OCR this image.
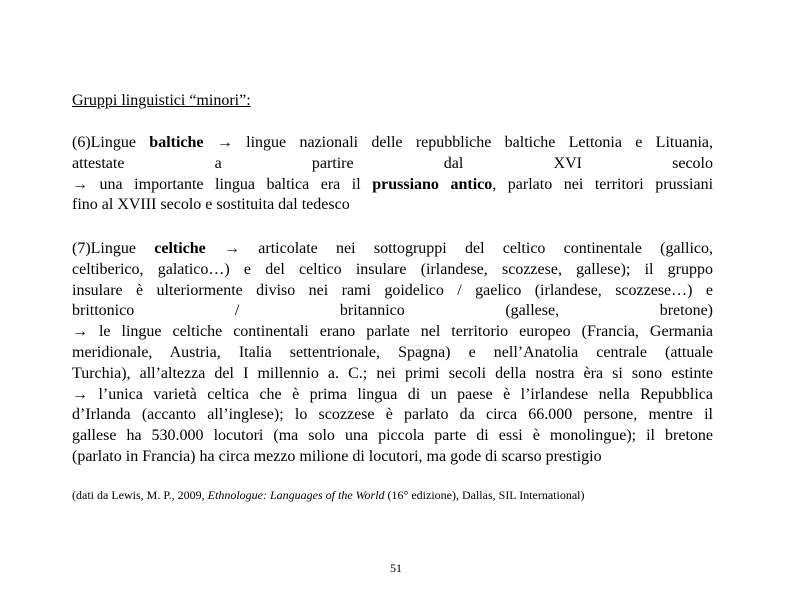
Gruppi linguistici “minori”:
(6)Lingue baltiche → lingue nazionali delle repubbliche baltiche Lettonia e Lituania,
attestate a partire dal XVI secolo
→ una importante lingua baltica era il prussiano antico, parlato nei territori prussiani
fino al XVIII secolo e sostituita dal tedesco
(7)Lingue celtiche → articolate nei sottogruppi del celtico continentale (gallico,
celtiberico, galatico…) e del celtico insulare (irlandese, scozzese, gallese); il gruppo
insulare è ulteriormente diviso nei rami goidelico / gaelico (irlandese, scozzese…) e
brittonico / britannico (gallese, bretone)
→ le lingue celtiche continentali erano parlate nel territorio europeo (Francia, Germania
meridionale, Austria, Italia settentrionale, Spagna) e nell’Anatolia centrale (attuale
Turchia), all’altezza del I millennio a. C.; nei primi secoli della nostra èra si sono estinte
→ l’unica varietà celtica che è prima lingua di un paese è l’irlandese nella Repubblica
d’Irlanda (accanto all’inglese); lo scozzese è parlato da circa 66.000 persone, mentre il
gallese ha 530.000 locutori (ma solo una piccola parte di essi è monolingue); il bretone
(parlato in Francia) ha circa mezzo milione di locutori, ma gode di scarso prestigio
(dati da Lewis, M. P., 2009, Ethnologue: Languages of the World (16° edizione), Dallas, SIL International)
51
